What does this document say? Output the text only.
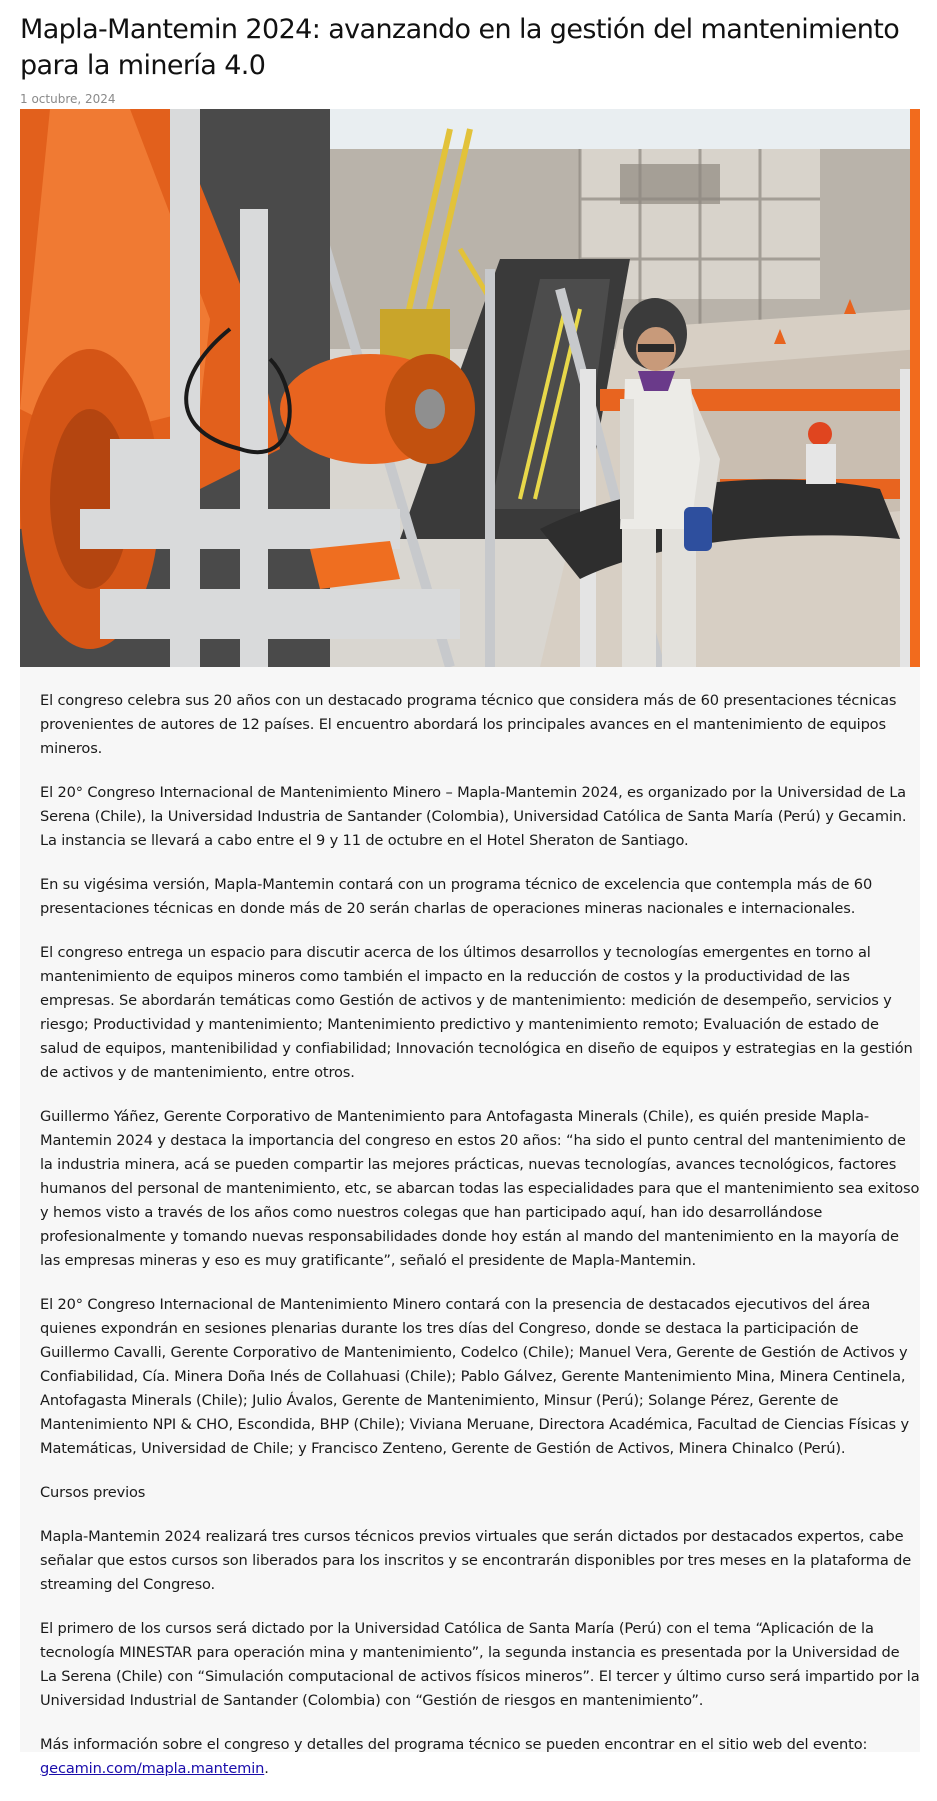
Mapla-Mantemin 2024: avanzando en la gestión del mantenimiento para la minería 4.0
1 octubre, 2024

El congreso celebra sus 20 años con un destacado programa técnico que considera más de 60 presentaciones técnicas provenientes de autores de 12 países. El encuentro abordará los principales avances en el mantenimiento de equipos mineros.

El 20° Congreso Internacional de Mantenimiento Minero – Mapla-Mantemin 2024, es organizado por la Universidad de La Serena (Chile), la Universidad Industria de Santander (Colombia), Universidad Católica de Santa María (Perú) y Gecamin. La instancia se llevará a cabo entre el 9 y 11 de octubre en el Hotel Sheraton de Santiago.

En su vigésima versión, Mapla-Mantemin contará con un programa técnico de excelencia que contempla más de 60 presentaciones técnicas en donde más de 20 serán charlas de operaciones mineras nacionales e internacionales.

El congreso entrega un espacio para discutir acerca de los últimos desarrollos y tecnologías emergentes en torno al mantenimiento de equipos mineros como también el impacto en la reducción de costos y la productividad de las empresas. Se abordarán temáticas como Gestión de activos y de mantenimiento: medición de desempeño, servicios y riesgo; Productividad y mantenimiento; Mantenimiento predictivo y mantenimiento remoto; Evaluación de estado de salud de equipos, mantenibilidad y confiabilidad; Innovación tecnológica en diseño de equipos y estrategias en la gestión de activos y de mantenimiento, entre otros.

Guillermo Yáñez, Gerente Corporativo de Mantenimiento para Antofagasta Minerals (Chile), es quién preside Mapla-Mantemin 2024 y destaca la importancia del congreso en estos 20 años: “ha sido el punto central del mantenimiento de la industria minera, acá se pueden compartir las mejores prácticas, nuevas tecnologías, avances tecnológicos, factores humanos del personal de mantenimiento, etc, se abarcan todas las especialidades para que el mantenimiento sea exitoso y hemos visto a través de los años como nuestros colegas que han participado aquí, han ido desarrollándose profesionalmente y tomando nuevas responsabilidades donde hoy están al mando del mantenimiento en la mayoría de las empresas mineras y eso es muy gratificante”, señaló el presidente de Mapla-Mantemin.

El 20° Congreso Internacional de Mantenimiento Minero contará con la presencia de destacados ejecutivos del área quienes expondrán en sesiones plenarias durante los tres días del Congreso, donde se destaca la participación de Guillermo Cavalli, Gerente Corporativo de Mantenimiento, Codelco (Chile); Manuel Vera, Gerente de Gestión de Activos y Confiabilidad, Cía. Minera Doña Inés de Collahuasi (Chile); Pablo Gálvez, Gerente Mantenimiento Mina, Minera Centinela, Antofagasta Minerals (Chile); Julio Ávalos, Gerente de Mantenimiento, Minsur (Perú); Solange Pérez, Gerente de Mantenimiento NPI & CHO, Escondida, BHP (Chile); Viviana Meruane, Directora Académica, Facultad de Ciencias Físicas y Matemáticas, Universidad de Chile; y Francisco Zenteno, Gerente de Gestión de Activos, Minera Chinalco (Perú).

Cursos previos

Mapla-Mantemin 2024 realizará tres cursos técnicos previos virtuales que serán dictados por destacados expertos, cabe señalar que estos cursos son liberados para los inscritos y se encontrarán disponibles por tres meses en la plataforma de streaming del Congreso.

El primero de los cursos será dictado por la Universidad Católica de Santa María (Perú) con el tema “Aplicación de la tecnología MINESTAR para operación mina y mantenimiento”, la segunda instancia es presentada por la Universidad de La Serena (Chile) con “Simulación computacional de activos físicos mineros”. El tercer y último curso será impartido por la Universidad Industrial de Santander (Colombia) con “Gestión de riesgos en mantenimiento”.

Más información sobre el congreso y detalles del programa técnico se pueden encontrar en el sitio web del evento:
gecamin.com/mapla.mantemin.
